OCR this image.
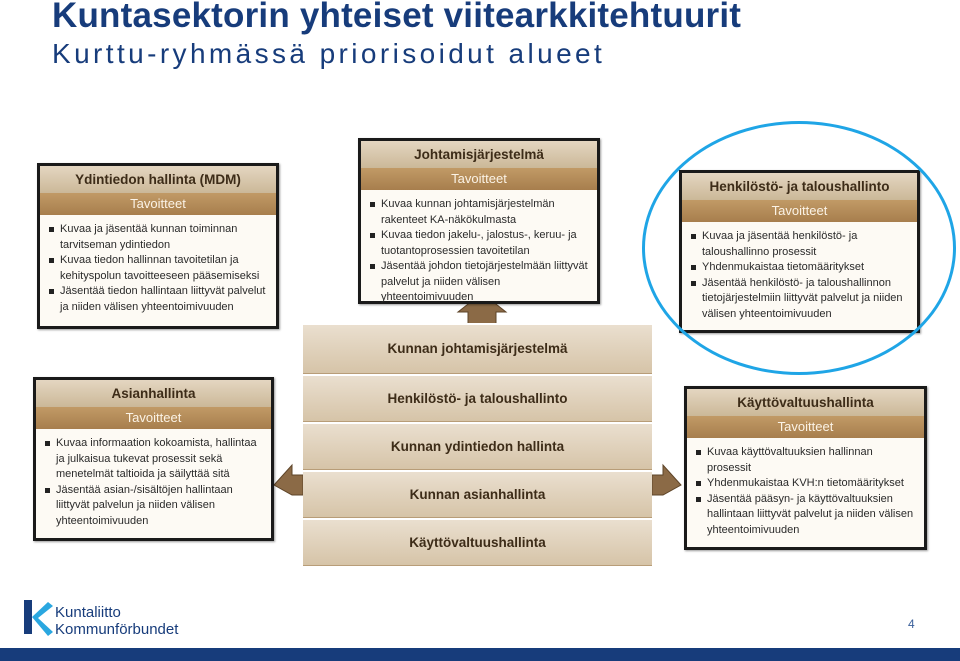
Kuntasektorin yhteiset viitearkkitehtuurit
Kurttu-ryhmässä priorisoidut alueet
Ydintiedon hallinta (MDM)
Tavoitteet
Kuvaa ja jäsentää kunnan toiminnan tarvitseman ydintiedon
Kuvaa tiedon hallinnan tavoitetilan ja kehityspolun tavoitteeseen pääsemiseksi
Jäsentää tiedon hallintaan liittyvät palvelut ja niiden välisen yhteentoimivuuden
Johtamisjärjestelmä
Tavoitteet
Kuvaa kunnan johtamisjärjestelmän rakenteet KA-näkökulmasta
Kuvaa tiedon jakelu-, jalostus-, keruu- ja tuotantoprosessien tavoitetilan
Jäsentää johdon tietojärjestelmään liittyvät palvelut ja niiden välisen yhteentoimivuuden
Henkilöstö- ja taloushallinto
Tavoitteet
Kuvaa ja jäsentää henkilöstö- ja taloushallinno prosessit
Yhdenmukaistaa tietomääritykset
Jäsentää henkilöstö- ja taloushallinnon tietojärjestelmiin liittyvät palvelut ja niiden välisen yhteentoimivuuden
Asianhallinta
Tavoitteet
Kuvaa informaation kokoamista, hallintaa ja julkaisua tukevat prosessit sekä menetelmät taltioida ja säilyttää sitä
Jäsentää asian-/sisältöjen hallintaan liittyvät palvelun ja niiden välisen yhteentoimivuuden
Käyttövaltuushallinta
Tavoitteet
Kuvaa käyttövaltuuksien hallinnan prosessit
Yhdenmukaistaa KVH:n tietomääritykset
Jäsentää pääsyn- ja käyttövaltuuksien hallintaan liittyvät palvelut ja niiden välisen yhteentoimivuuden
Kunnan johtamisjärjestelmä
Henkilöstö- ja taloushallinto
Kunnan ydintiedon hallinta
Kunnan asianhallinta
Käyttövaltuushallinta
Kuntaliitto
Kommunförbundet	4
